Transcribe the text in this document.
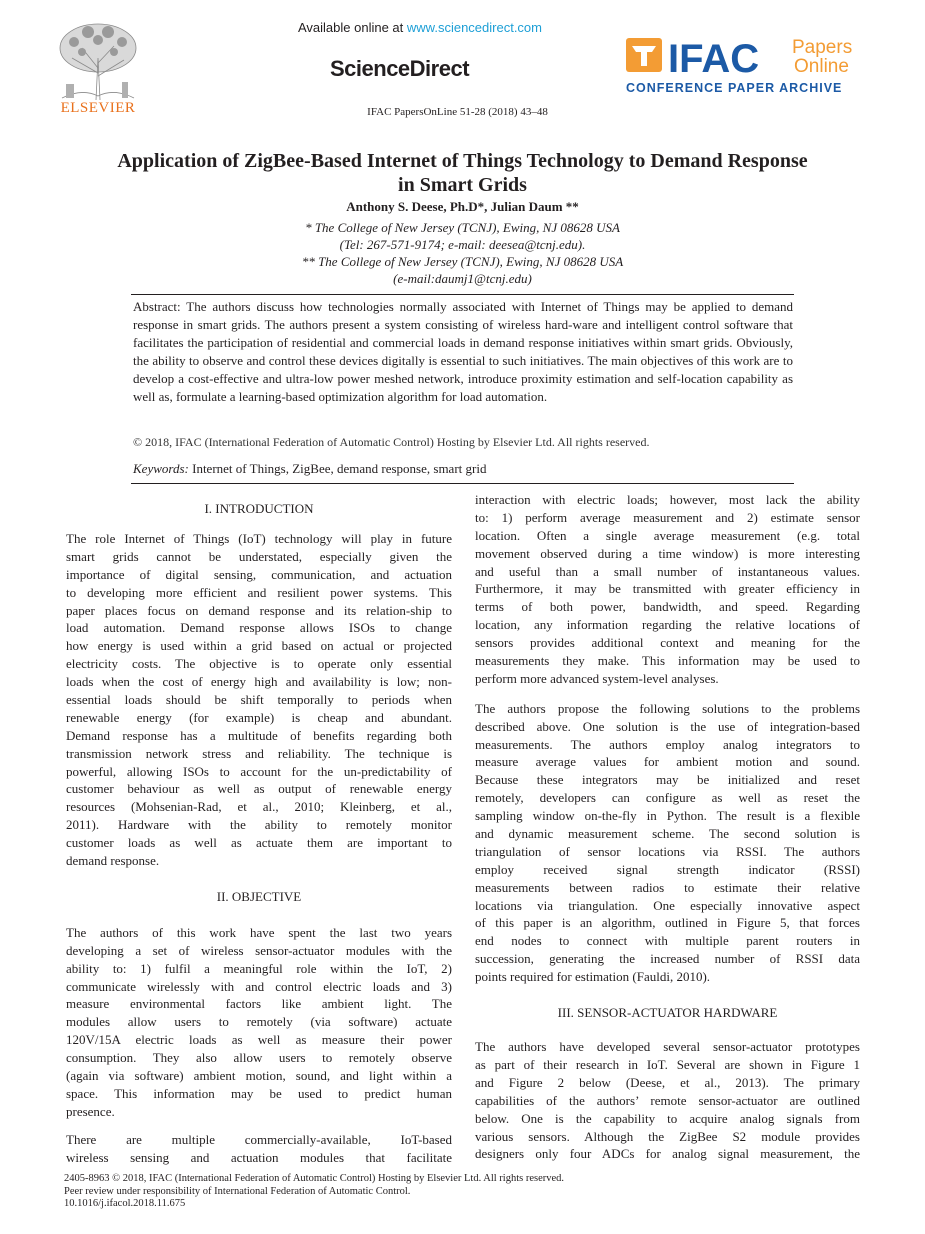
ELSEVIER
Available online at www.sciencedirect.com
ScienceDirect
IFAC PapersOnLine 51-28 (2018) 43–48
IFAC Papers
Online
CONFERENCE PAPER ARCHIVE
Application of ZigBee-Based Internet of Things Technology to Demand Response
in Smart Grids
Anthony S. Deese, Ph.D*, Julian Daum **
* The College of New Jersey (TCNJ), Ewing, NJ 08628 USA
(Tel: 267-571-9174; e-mail: deesea@tcnj.edu).
** The College of New Jersey (TCNJ), Ewing, NJ 08628 USA
(e-mail:daumj1@tcnj.edu)
Abstract: The authors discuss how technologies normally associated with Internet of Things may be applied to demand response in smart grids. The authors present a system consisting of wireless hard-ware and intelligent control software that facilitates the participation of residential and commercial loads in demand response initiatives within smart grids. Obviously, the ability to observe and control these devices digitally is essential to such initiatives. The main objectives of this work are to develop a cost-effective and ultra-low power meshed network, introduce proximity estimation and self-location capability as well as, formulate a learning-based optimization algorithm for load automation.
© 2018, IFAC (International Federation of Automatic Control) Hosting by Elsevier Ltd. All rights reserved.
Keywords: Internet of Things, ZigBee, demand response, smart grid
I. INTRODUCTION
The role Internet of Things (IoT) technology will play in future
smart grids cannot be understated, especially given the
importance of digital sensing, communication, and actuation
to developing more efficient and resilient power systems. This
paper places focus on demand response and its relation-ship to
load automation. Demand response allows ISOs to change
how energy is used within a grid based on actual or projected
electricity costs. The objective is to operate only essential
loads when the cost of energy high and availability is low; non-
essential loads should be shift temporally to periods when
renewable energy (for example) is cheap and abundant.
Demand response has a multitude of benefits regarding both
transmission network stress and reliability. The technique is
powerful, allowing ISOs to account for the un-predictability of
customer behaviour as well as output of renewable energy
resources (Mohsenian-Rad, et al., 2010; Kleinberg, et al.,
2011). Hardware with the ability to remotely monitor
customer loads as well as actuate them are important to
demand response.
II. OBJECTIVE
The authors of this work have spent the last two years
developing a set of wireless sensor-actuator modules with the
ability to: 1) fulfil a meaningful role within the IoT, 2)
communicate wirelessly with and control electric loads and 3)
measure environmental factors like ambient light. The
modules allow users to remotely (via software) actuate
120V/15A electric loads as well as measure their power
consumption. They also allow users to remotely observe
(again via software) ambient motion, sound, and light within a
space. This information may be used to predict human
presence.
There are multiple commercially-available, IoT-based
wireless sensing and actuation modules that facilitate
interaction with electric loads; however, most lack the ability
to: 1) perform average measurement and 2) estimate sensor
location. Often a single average measurement (e.g. total
movement observed during a time window) is more interesting
and useful than a small number of instantaneous values.
Furthermore, it may be transmitted with greater efficiency in
terms of both power, bandwidth, and speed. Regarding
location, any information regarding the relative locations of
sensors provides additional context and meaning for the
measurements they make. This information may be used to
perform more advanced system-level analyses.
The authors propose the following solutions to the problems
described above. One solution is the use of integration-based
measurements. The authors employ analog integrators to
measure average values for ambient motion and sound.
Because these integrators may be initialized and reset
remotely, developers can configure as well as reset the
sampling window on-the-fly in Python. The result is a flexible
and dynamic measurement scheme. The second solution is
triangulation of sensor locations via RSSI. The authors
employ received signal strength indicator (RSSI)
measurements between radios to estimate their relative
locations via triangulation. One especially innovative aspect
of this paper is an algorithm, outlined in Figure 5, that forces
end nodes to connect with multiple parent routers in
succession, generating the increased number of RSSI data
points required for estimation (Fauldi, 2010).
III. SENSOR-ACTUATOR HARDWARE
The authors have developed several sensor-actuator prototypes
as part of their research in IoT. Several are shown in Figure 1
and Figure 2 below (Deese, et al., 2013). The primary
capabilities of the authors’ remote sensor-actuator are outlined
below. One is the capability to acquire analog signals from
various sensors. Although the ZigBee S2 module provides
designers only four ADCs for analog signal measurement, the
2405-8963 © 2018, IFAC (International Federation of Automatic Control) Hosting by Elsevier Ltd. All rights reserved.
Peer review under responsibility of International Federation of Automatic Control.
10.1016/j.ifacol.2018.11.675
